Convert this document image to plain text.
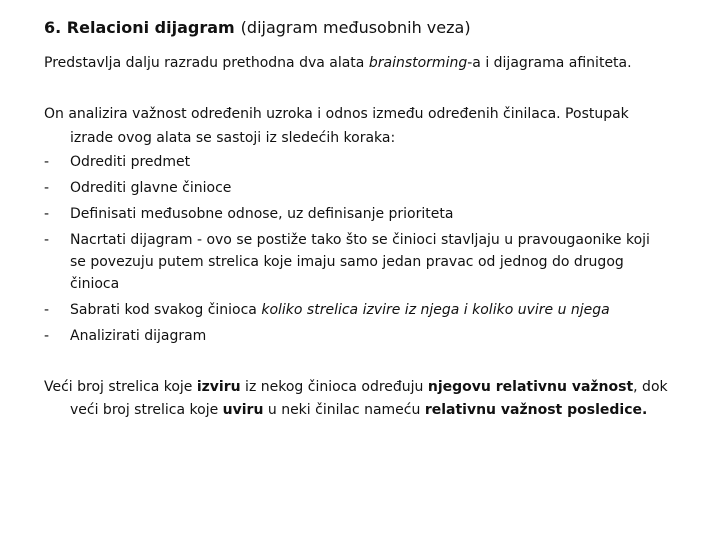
6. Relacioni dijagram (dijagram međusobnih veza)
Predstavlja dalju razradu prethodna dva alata brainstorming-a i dijagrama afiniteta.
On analizira važnost određenih uzroka i odnos između određenih činilaca. Postupak
izrade ovog alata se sastoji iz sledećih koraka:
- Odrediti predmet
- Odrediti glavne činioce
- Definisati međusobne odnose, uz definisanje prioriteta
- Nacrtati dijagram - ovo se postiže tako što se činioci stavljaju u pravougaonike koji
se povezuju putem strelica koje imaju samo jedan pravac od jednog do drugog
činioca
- Sabrati kod svakog činioca koliko strelica izvire iz njega i koliko uvire u njega
- Analizirati dijagram
Veći broj strelica koje izviru iz nekog činioca određuju njegovu relativnu važnost, dok
veći broj strelica koje uviru u neki činilac nameću relativnu važnost posledice.
